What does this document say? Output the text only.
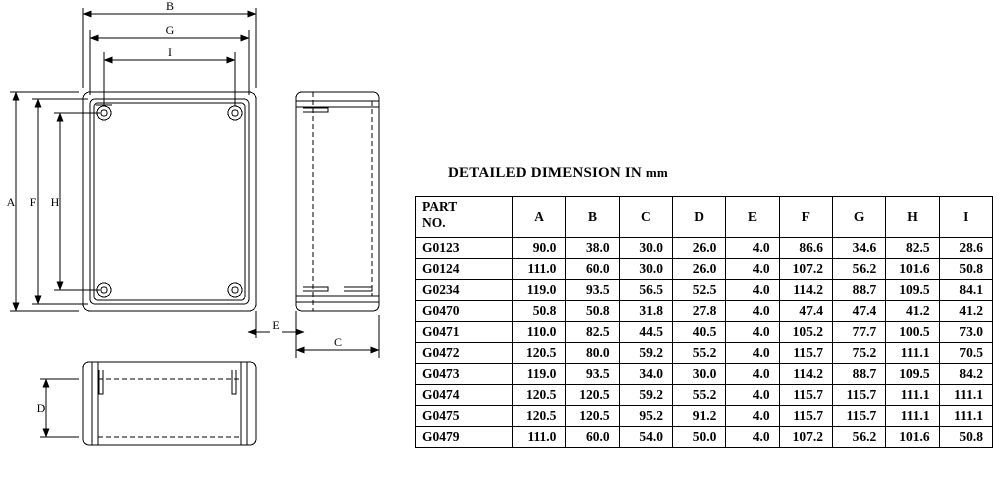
B
G
I
A F H
E
C
D
DETAILED DIMENSION IN mm
PART
NO.	A	B	C	D	E	F	G	H	I
G0123	90.0	38.0	30.0	26.0	4.0	86.6	34.6	82.5	28.6
G0124	111.0	60.0	30.0	26.0	4.0	107.2	56.2	101.6	50.8
G0234	119.0	93.5	56.5	52.5	4.0	114.2	88.7	109.5	84.1
G0470	50.8	50.8	31.8	27.8	4.0	47.4	47.4	41.2	41.2
G0471	110.0	82.5	44.5	40.5	4.0	105.2	77.7	100.5	73.0
G0472	120.5	80.0	59.2	55.2	4.0	115.7	75.2	111.1	70.5
G0473	119.0	93.5	34.0	30.0	4.0	114.2	88.7	109.5	84.2
G0474	120.5	120.5	59.2	55.2	4.0	115.7	115.7	111.1	111.1
G0475	120.5	120.5	95.2	91.2	4.0	115.7	115.7	111.1	111.1
G0479	111.0	60.0	54.0	50.0	4.0	107.2	56.2	101.6	50.8
